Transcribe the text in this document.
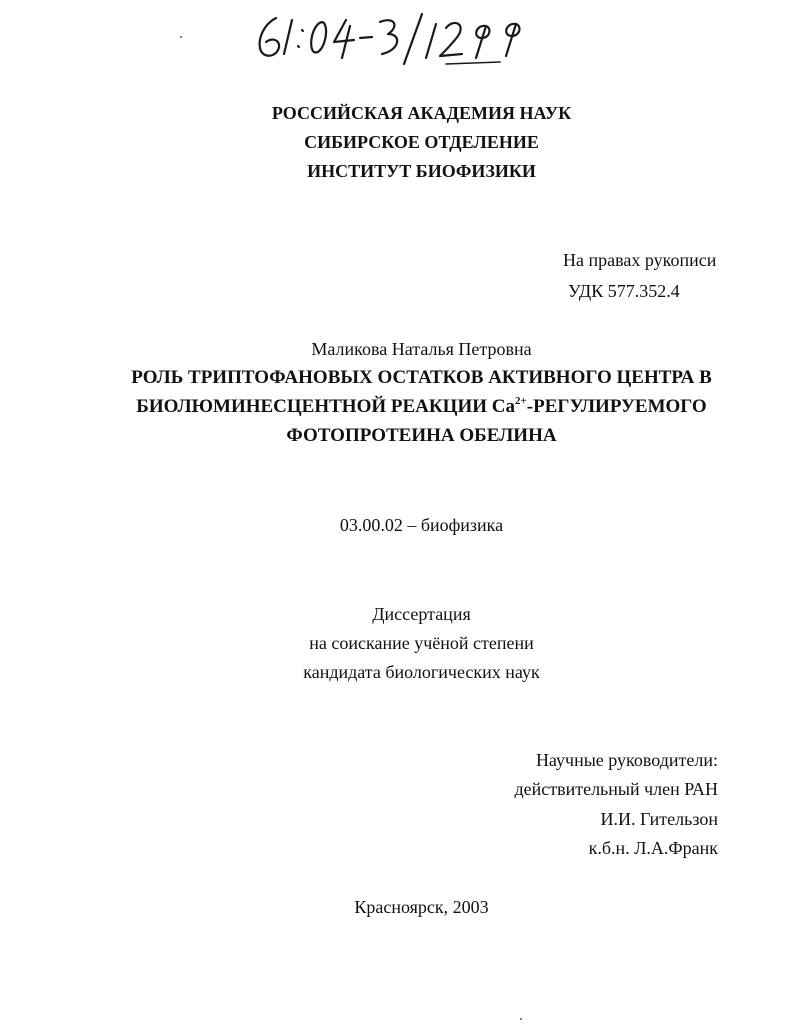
РОССИЙСКАЯ АКАДЕМИЯ НАУК
СИБИРСКОЕ ОТДЕЛЕНИЕ
ИНСТИТУТ БИОФИЗИКИ
На правах рукописи
УДК 577.352.4
Маликова Наталья Петровна
РОЛЬ ТРИПТОФАНОВЫХ ОСТАТКОВ АКТИВНОГО ЦЕНТРА В
БИОЛЮМИНЕСЦЕНТНОЙ РЕАКЦИИ $Са^{2+}$-РЕГУЛИРУЕМОГО
ФОТОПРОТЕИНА ОБЕЛИНА
03.00.02 – биофизика
Диссертация
на соискание учёной степени
кандидата биологических наук
Научные руководители:
действительный член РАН
И.И. Гительзон
к.б.н. Л.А.Франк
Красноярск, 2003
